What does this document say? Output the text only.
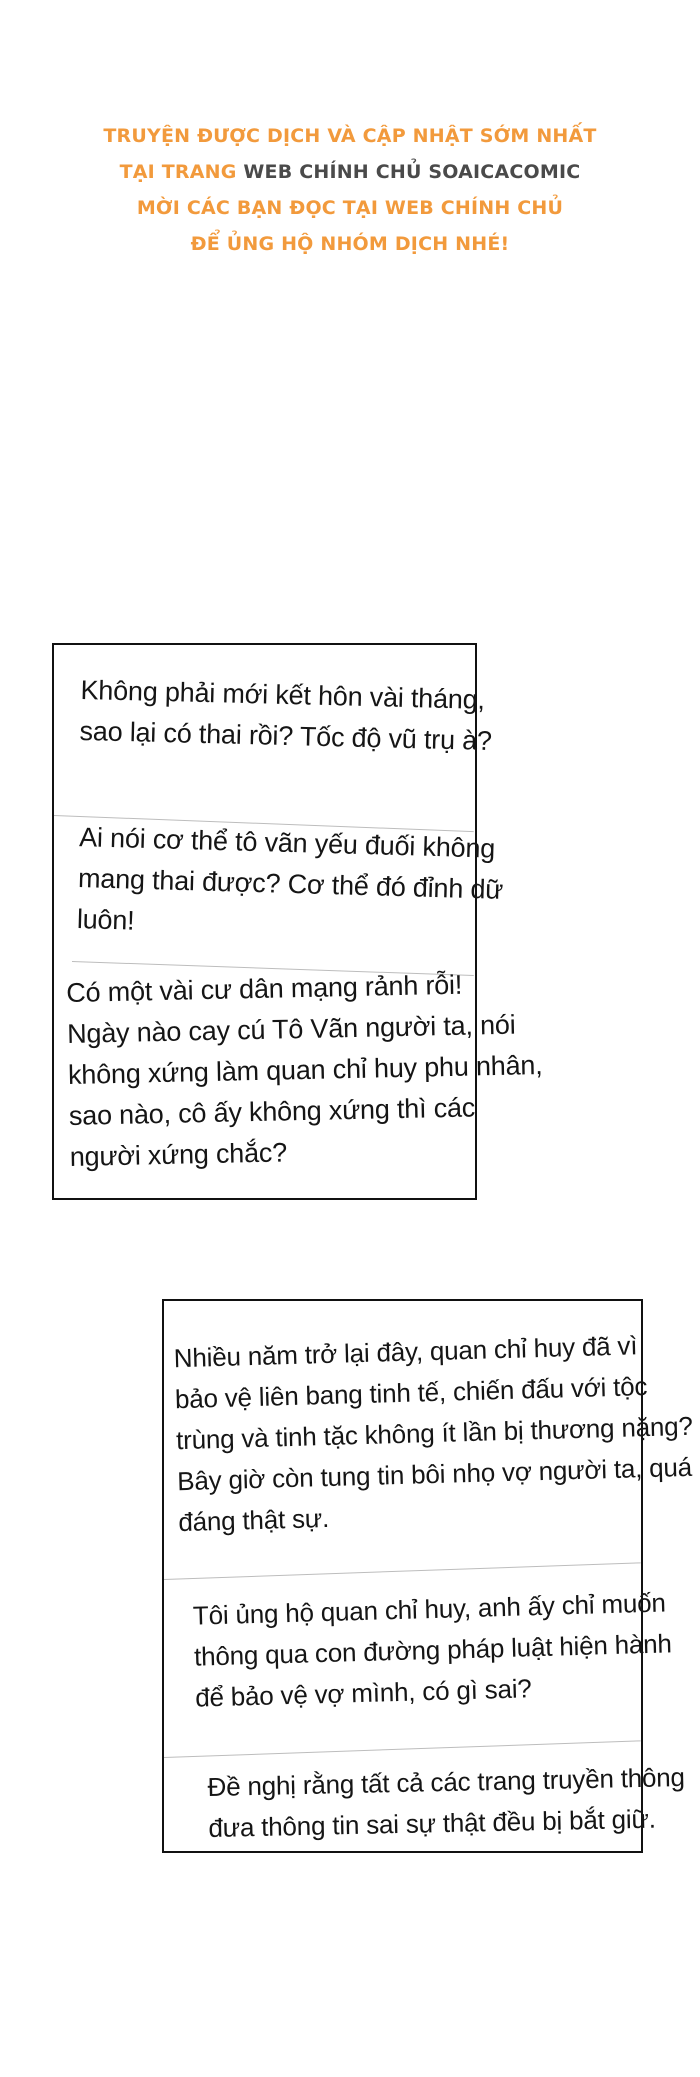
TRUYỆN ĐƯỢC DỊCH VÀ CẬP NHẬT SỚM NHẤT
TẠI TRANG WEB CHÍNH CHỦ SOAICACOMIC
MỜI CÁC BẠN ĐỌC TẠI WEB CHÍNH CHỦ
ĐỂ ỦNG HỘ NHÓM DỊCH NHÉ!
Không phải mới kết hôn vài tháng,
sao lại có thai rồi? Tốc độ vũ trụ à?
Ai nói cơ thể tô vãn yếu đuối không
mang thai được? Cơ thể đó đỉnh dữ
luôn!
Có một vài cư dân mạng rảnh rỗi!
Ngày nào cay cú Tô Vãn người ta, nói
không xứng làm quan chỉ huy phu nhân,
sao nào, cô ấy không xứng thì các
người xứng chắc?
Nhiều năm trở lại đây, quan chỉ huy đã vì
bảo vệ liên bang tinh tế, chiến đấu với tộc
trùng và tinh tặc không ít lần bị thương nặng?
Bây giờ còn tung tin bôi nhọ vợ người ta, quá
đáng thật sự.
Tôi ủng hộ quan chỉ huy, anh ấy chỉ muốn
thông qua con đường pháp luật hiện hành
để bảo vệ vợ mình, có gì sai?
Đề nghị rằng tất cả các trang truyền thông
đưa thông tin sai sự thật đều bị bắt giữ.
